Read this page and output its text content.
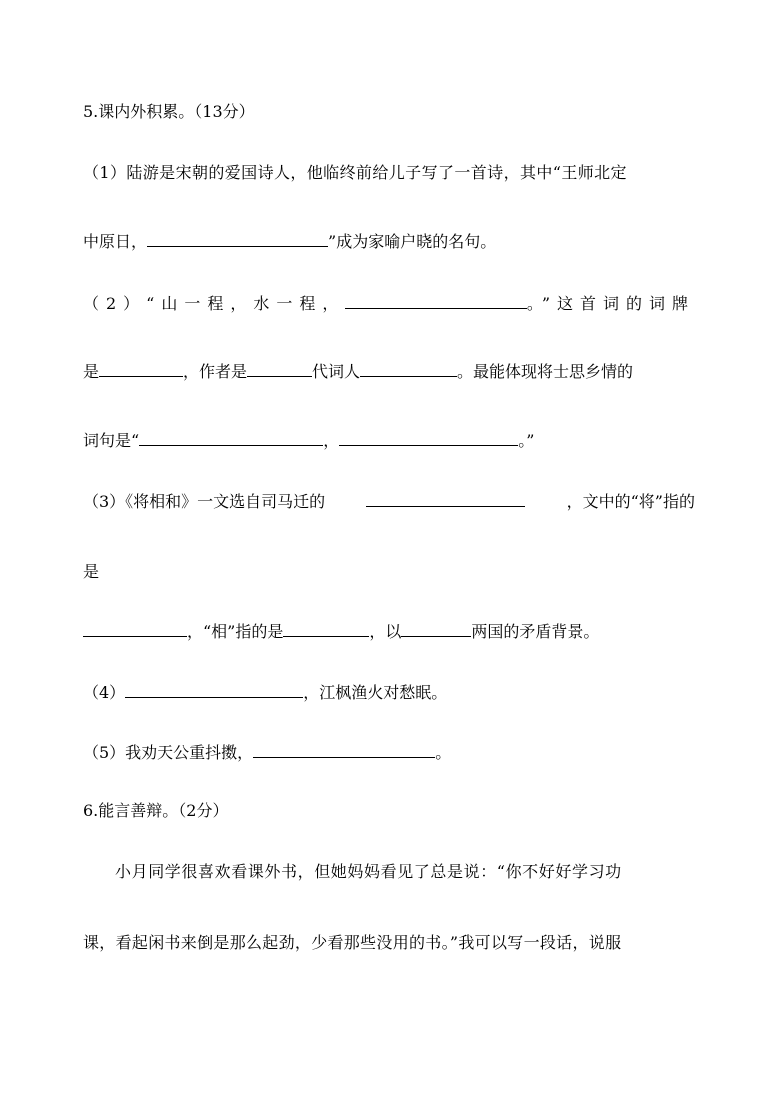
5.课内外积累。（13分）
（1）陆游是宋朝的爱国诗人，他临终前给儿子写了一首诗，其中“王师北定
中原日，	”成为家喻户晓的名句。
（2）“山一程，水一程，	。”这首词的词牌
是	，作者是	代词人	。最能体现将士思乡情的
词句是“	，	。”
（3）《将相和》一文选自司马迁的	，文中的“将”指的
是
，“相”指的是	，以	两国的矛盾背景。
（4）	，江枫渔火对愁眠。
（5）我劝天公重抖擞，	。
6.能言善辩。（2分）
小月同学很喜欢看课外书，但她妈妈看见了总是说：“你不好好学习功
课，看起闲书来倒是那么起劲，少看那些没用的书。”我可以写一段话，说服
